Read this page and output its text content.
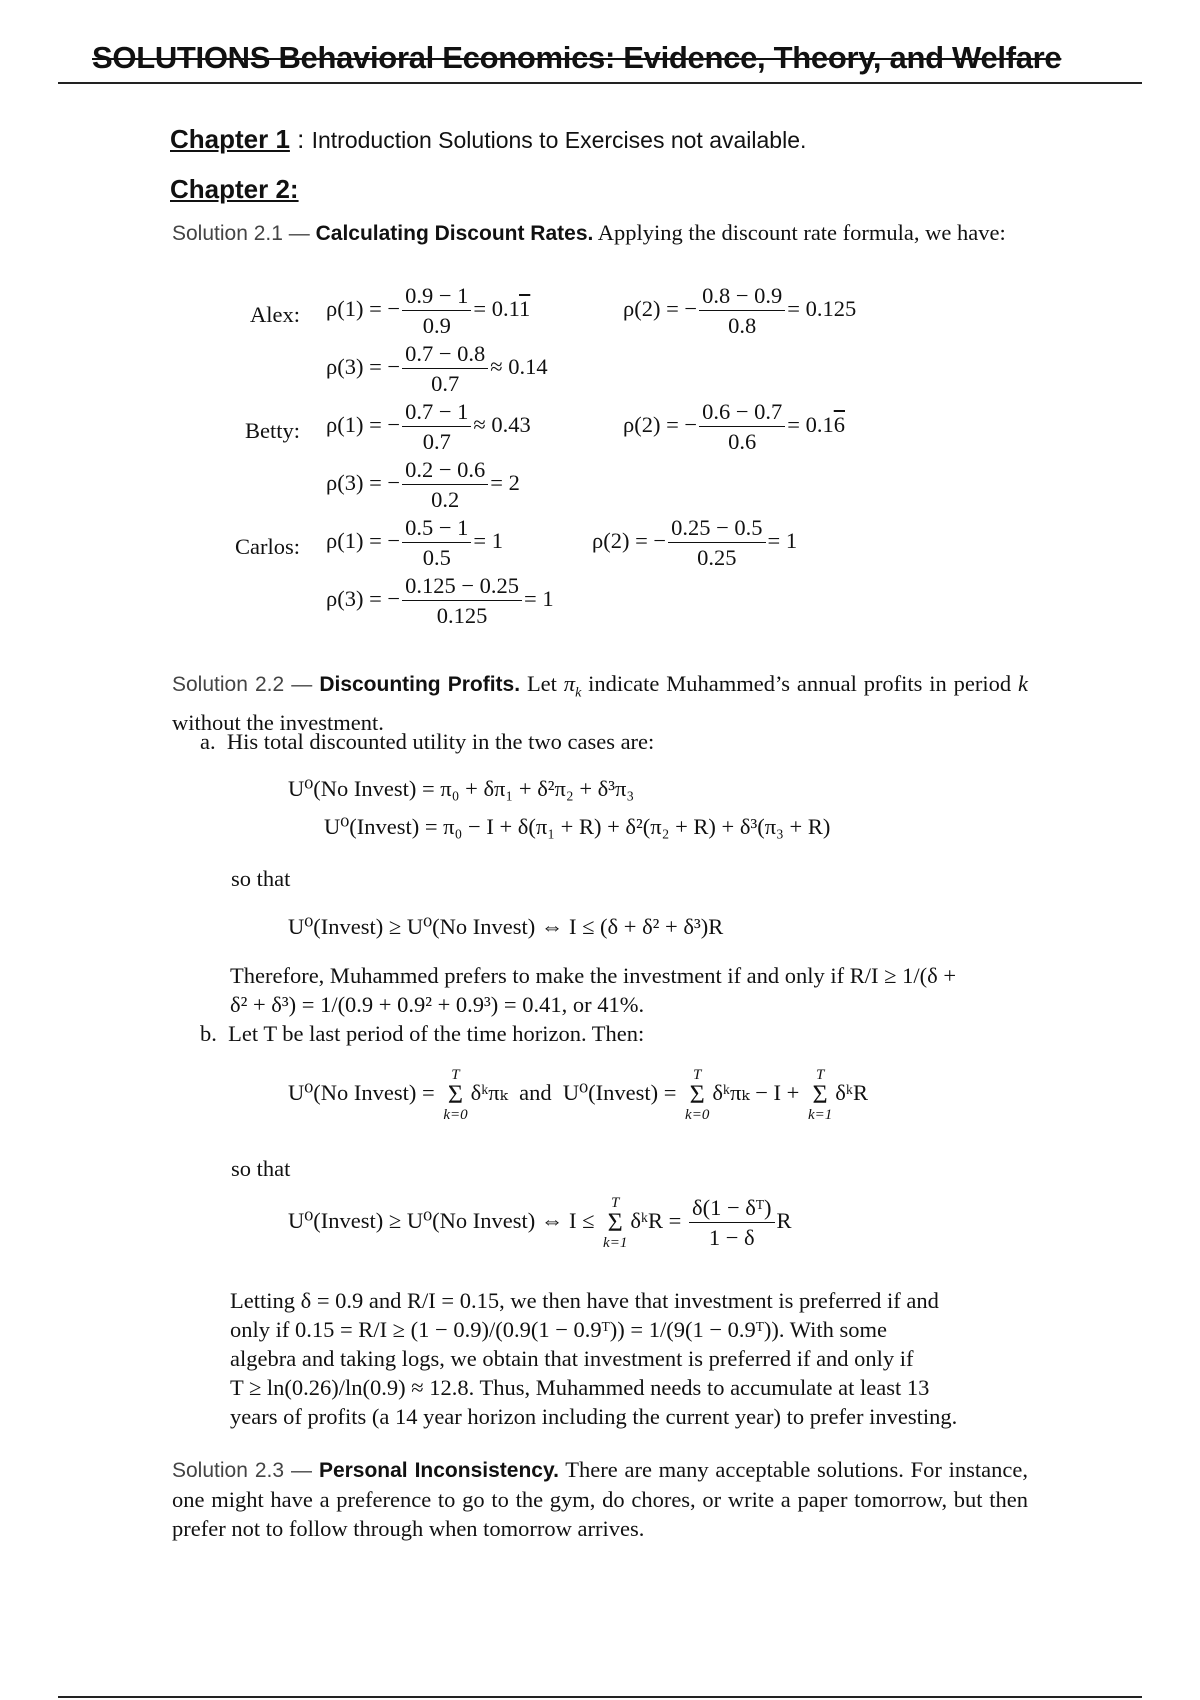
SOLUTIONS Behavioral Economics: Evidence, Theory, and Welfare
Chapter 1 : Introduction Solutions to Exercises not available.
Chapter 2:
Solution 2.1 — Calculating Discount Rates. Applying the discount rate formula, we have:
Alex: ρ(1) = − $\frac{0.9 - 1}{0.9} = 0.11$	ρ(2) = − $\frac{0.8 - 0.9}{0.8} = 0.125$
ρ(3) = − $\frac{0.7 - 0.8}{0.7} \approx 0.14$
Betty: ρ(1) = − $\frac{0.7 - 1}{0.7} \approx 0.43$	ρ(2) = − $\frac{0.6 - 0.7}{0.6} = 0.16$
ρ(3) = − $\frac{0.2 - 0.6}{0.2} = 2$
Carlos: ρ(1) = − $\frac{0.5 - 1}{0.5} = 1$	ρ(2) = − $\frac{0.25 - 0.5}{0.25} = 1$
ρ(3) = − $\frac{0.125 - 0.25}{0.125} = 1$
Solution 2.2 — Discounting Profits. Let $\pi_k$ indicate Muhammed’s annual profits in period k without the investment.
a. His total discounted utility in the two cases are:
U⁰(No Invest) = π₀ + δπ₁ + δ²π₂ + δ³π₃
U⁰(Invest) = π₀ − I + δ(π₁ + R) + δ²(π₂ + R) + δ³(π₃ + R)
so that
U⁰(Invest) ≥ U⁰(No Invest) ⇔ I ≤ (δ + δ² + δ³)R

Therefore, Muhammed prefers to make the investment if and only if R/I ≥ 1/(δ +

δ² + δ³) = 1/(0.9 + 0.9² + 0.9³) = 0.41, or 41%.

b. Let T be last period of the time horizon. Then:
U⁰(No Invest) =
T
Σ
k=0
δᵏπₖ and U⁰(Invest) =
T
Σ
k=0
δᵏπₖ − I +
T
Σ
k=1
δᵏR
so that
U⁰(Invest) ≥ U⁰(No Invest) ⇔ I ≤
T
Σ
k=1
δᵏR = $\frac{\text{δ(1 − δᵀ)}}{1 - \delta}$ R

Letting δ = 0.9 and R/I = 0.15, we then have that investment is preferred if and

only if 0.15 = R/I ≥ (1 − 0.9)/(0.9(1 − 0.9ᵀ)) = 1/(9(1 − 0.9ᵀ)). With some

algebra and taking logs, we obtain that investment is preferred if and only if

T ≥ ln(0.26)/ln(0.9) ≈ 12.8. Thus, Muhammed needs to accumulate at least 13

years of profits (a 14 year horizon including the current year) to prefer investing.

Solution 2.3 — Personal Inconsistency. There are many acceptable solutions. For instance, one might have a preference to go to the gym, do chores, or write a paper tomorrow, but then prefer not to follow through when tomorrow arrives.
